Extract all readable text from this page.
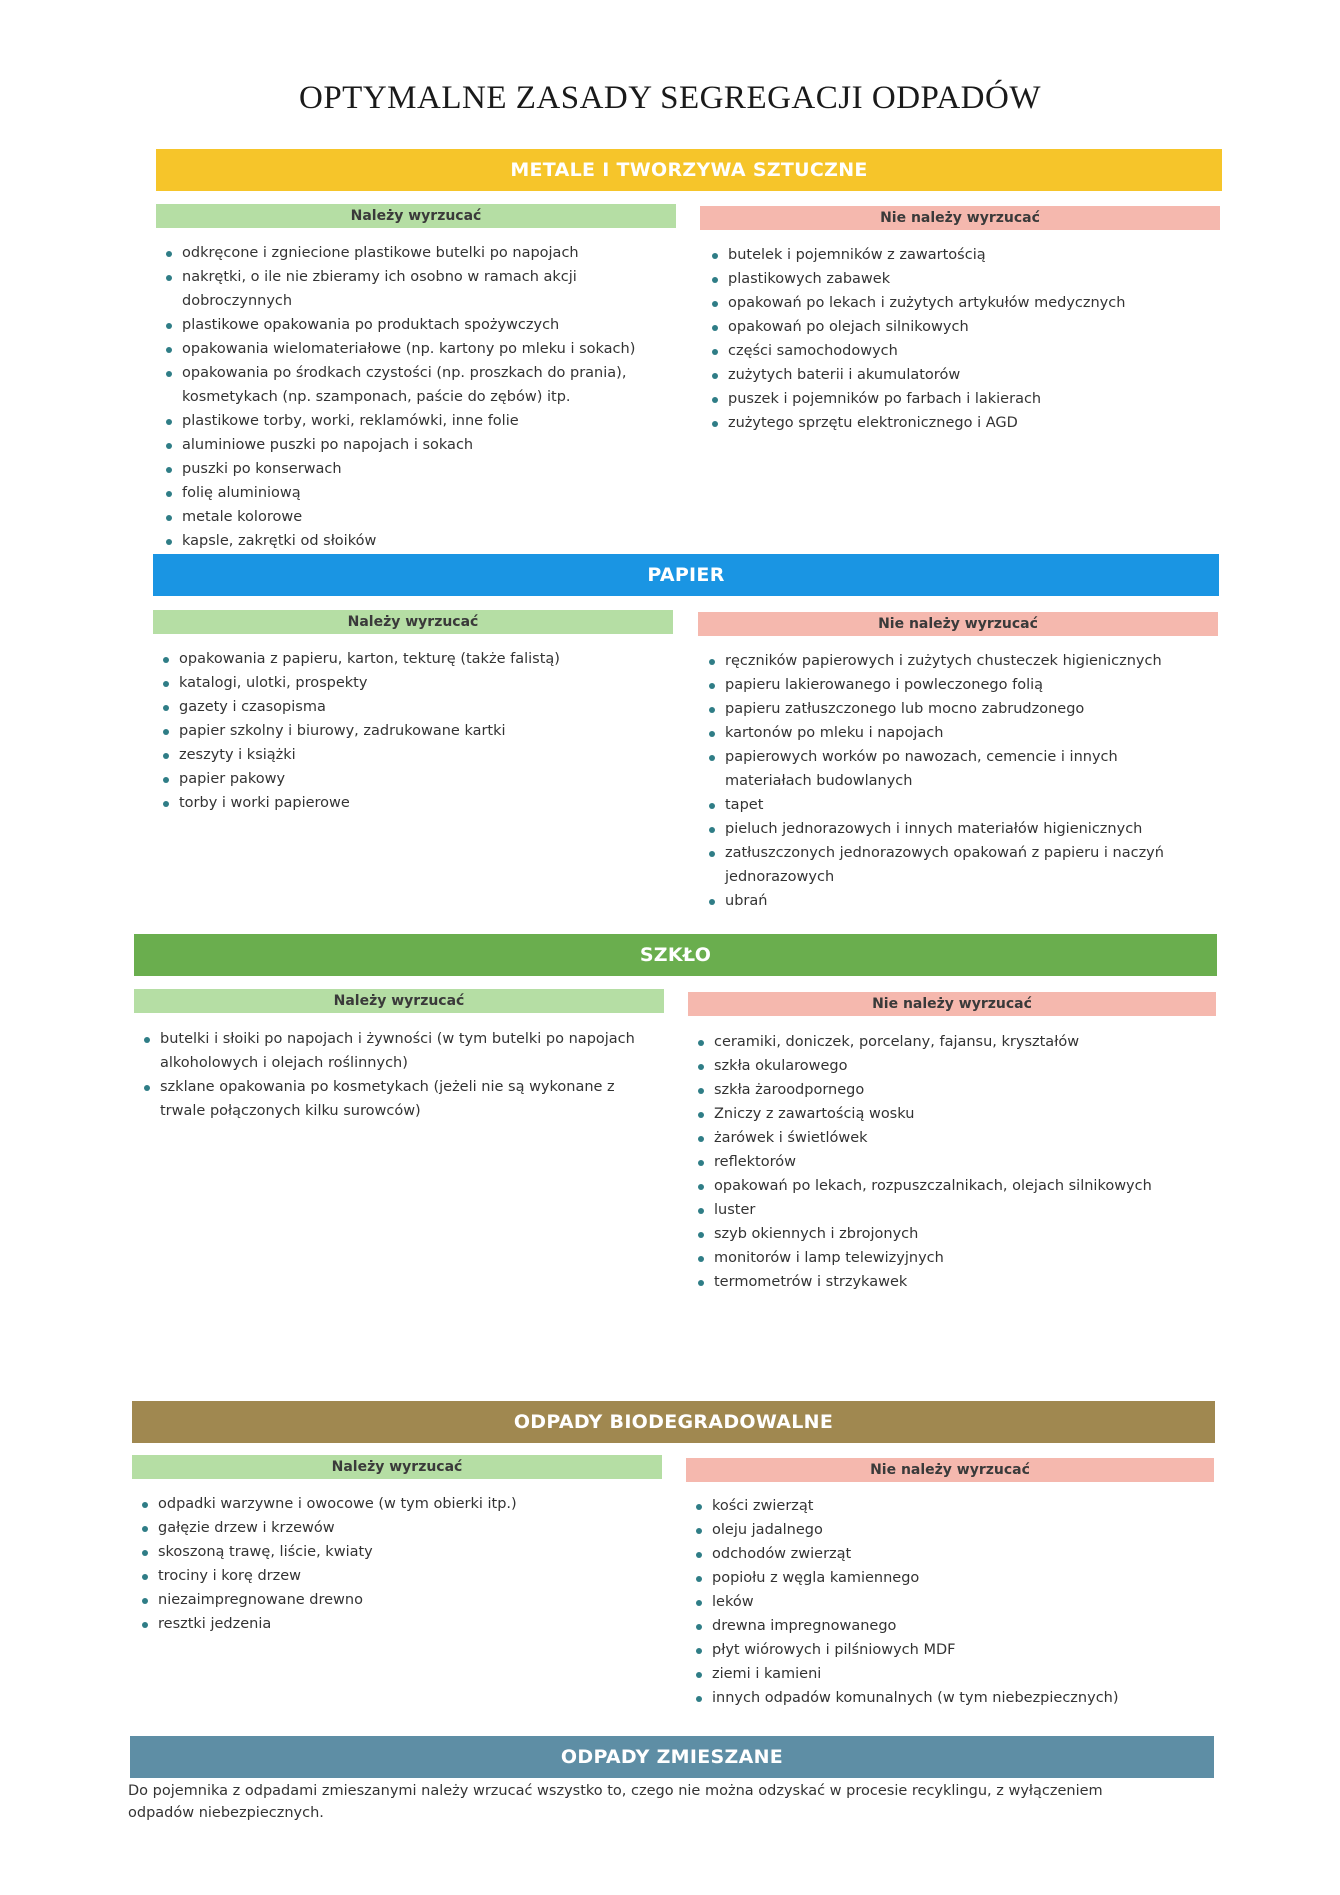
OPTYMALNE ZASADY SEGREGACJI ODPADÓW
METALE I TWORZYWA SZTUCZNE
Należy wyrzucać	Nie należy wyrzucać
odkręcone i zgniecione plastikowe butelki po napojach
nakrętki, o ile nie zbieramy ich osobno w ramach akcji dobroczynnych
plastikowe opakowania po produktach spożywczych
opakowania wielomateriałowe (np. kartony po mleku i sokach)
opakowania po środkach czystości (np. proszkach do prania), kosmetykach (np. szamponach, paście do zębów) itp.
plastikowe torby, worki, reklamówki, inne folie
aluminiowe puszki po napojach i sokach
puszki po konserwach
folię aluminiową
metale kolorowe
kapsle, zakrętki od słoików
butelek i pojemników z zawartością
plastikowych zabawek
opakowań po lekach i zużytych artykułów medycznych
opakowań po olejach silnikowych
części samochodowych
zużytych baterii i akumulatorów
puszek i pojemników po farbach i lakierach
zużytego sprzętu elektronicznego i AGD
PAPIER
Należy wyrzucać	Nie należy wyrzucać
opakowania z papieru, karton, tekturę (także falistą)
katalogi, ulotki, prospekty
gazety i czasopisma
papier szkolny i biurowy, zadrukowane kartki
zeszyty i książki
papier pakowy
torby i worki papierowe
ręczników papierowych i zużytych chusteczek higienicznych
papieru lakierowanego i powleczonego folią
papieru zatłuszczonego lub mocno zabrudzonego
kartonów po mleku i napojach
papierowych worków po nawozach, cemencie i innych materiałach budowlanych
tapet
pieluch jednorazowych i innych materiałów higienicznych
zatłuszczonych jednorazowych opakowań z papieru i naczyń jednorazowych
ubrań
SZKŁO
Należy wyrzucać	Nie należy wyrzucać
butelki i słoiki po napojach i żywności (w tym butelki po napojach alkoholowych i olejach roślinnych)
szklane opakowania po kosmetykach (jeżeli nie są wykonane z trwale połączonych kilku surowców)
ceramiki, doniczek, porcelany, fajansu, kryształów
szkła okularowego
szkła żaroodpornego
Zniczy z zawartością wosku
żarówek i świetlówek
reflektorów
opakowań po lekach, rozpuszczalnikach, olejach silnikowych
luster
szyb okiennych i zbrojonych
monitorów i lamp telewizyjnych
termometrów i strzykawek
ODPADY BIODEGRADOWALNE
Należy wyrzucać	Nie należy wyrzucać
odpadki warzywne i owocowe (w tym obierki itp.)
gałęzie drzew i krzewów
skoszoną trawę, liście, kwiaty
trociny i korę drzew
niezaimpregnowane drewno
resztki jedzenia
kości zwierząt
oleju jadalnego
odchodów zwierząt
popiołu z węgla kamiennego
leków
drewna impregnowanego
płyt wiórowych i pilśniowych MDF
ziemi i kamieni
innych odpadów komunalnych (w tym niebezpiecznych)
ODPADY ZMIESZANE
Do pojemnika z odpadami zmieszanymi należy wrzucać wszystko to, czego nie można odzyskać w procesie recyklingu, z wyłączeniem odpadów niebezpiecznych.
